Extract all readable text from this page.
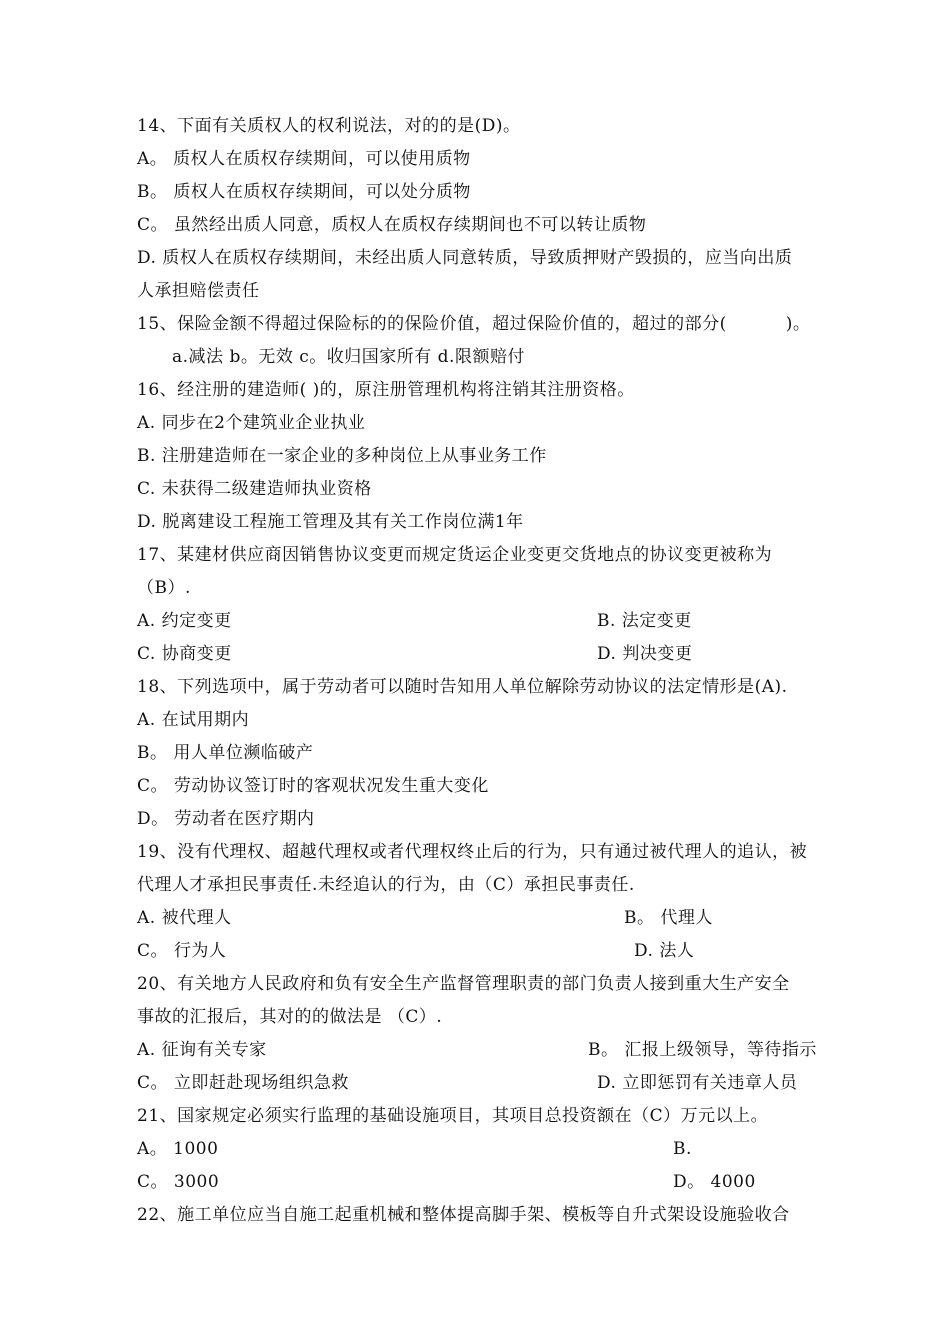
14、下面有关质权人的权利说法，对的的是(D)。
A。 质权人在质权存续期间，可以使用质物
B。 质权人在质权存续期间，可以处分质物
C。 虽然经出质人同意，质权人在质权存续期间也不可以转让质物
D. 质权人在质权存续期间，未经出质人同意转质，导致质押财产毁损的，应当向出质
人承担赔偿责任
15、保险金额不得超过保险标的的保险价值，超过保险价值的，超过的部分(          )。
a.减法 b。无效 c。收归国家所有 d.限额赔付
16、经注册的建造师( )的，原注册管理机构将注销其注册资格。
A. 同步在2个建筑业企业执业
B. 注册建造师在一家企业的多种岗位上从事业务工作
C. 未获得二级建造师执业资格
D. 脱离建设工程施工管理及其有关工作岗位满1年
17、某建材供应商因销售协议变更而规定货运企业变更交货地点的协议变更被称为
（B）.
A. 约定变更	B. 法定变更
C. 协商变更	D. 判决变更
18、下列选项中，属于劳动者可以随时告知用人单位解除劳动协议的法定情形是(A).
A. 在试用期内
B。 用人单位濒临破产
C。 劳动协议签订时的客观状况发生重大变化
D。 劳动者在医疗期内
19、没有代理权、超越代理权或者代理权终止后的行为，只有通过被代理人的追认，被
代理人才承担民事责任.未经追认的行为，由（C）承担民事责任.
A. 被代理人	B。 代理人
C。 行为人	D. 法人
20、有关地方人民政府和负有安全生产监督管理职责的部门负责人接到重大生产安全
事故的汇报后，其对的的做法是 （C）.
A. 征询有关专家	B。 汇报上级领导，等待指示
C。 立即赶赴现场组织急救	D. 立即惩罚有关违章人员
21、国家规定必须实行监理的基础设施项目，其项目总投资额在（C）万元以上。
A。 1000	B.
C。 3000	D。 4000
22、施工单位应当自施工起重机械和整体提高脚手架、模板等自升式架设设施验收合
